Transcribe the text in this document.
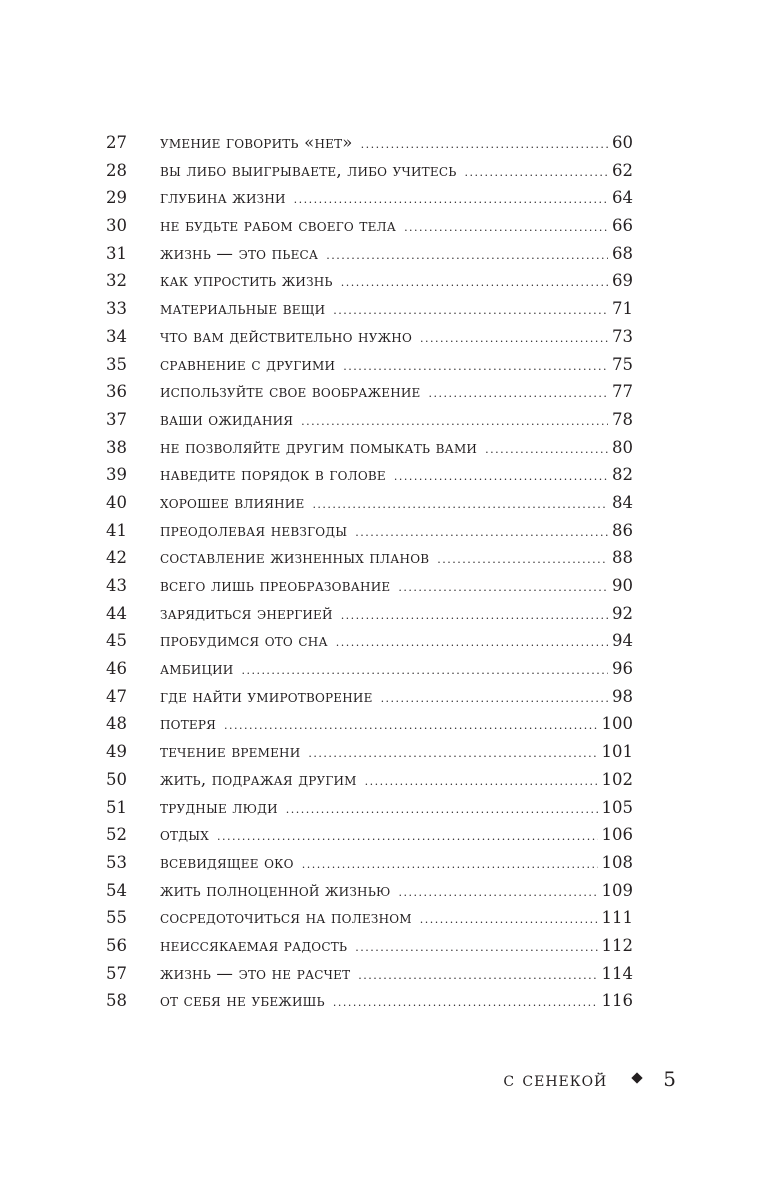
27	умение говорить «нет» .....	60
28	вы либо выигрываете, либо учитесь .....	62
29	глубина жизни .....	64
30	не будьте рабом своего тела .....	66
31	жизнь — это пьеса .....	68
32	как упростить жизнь .....	69
33	материальные вещи .....	71
34	что вам действительно нужно .....	73
35	сравнение с другими .....	75
36	используйте свое воображение .....	77
37	ваши ожидания .....	78
38	не позволяйте другим помыкать вами .....	80
39	наведите порядок в голове .....	82
40	хорошее влияние .....	84
41	преодолевая невзгоды .....	86
42	составление жизненных планов .....	88
43	всего лишь преобразование .....	90
44	зарядиться энергией .....	92
45	пробудимся ото сна .....	94
46	амбиции .....	96
47	где найти умиротворение .....	98
48	потеря .....	100
49	течение времени .....	101
50	жить, подражая другим .....	102
51	трудные люди .....	105
52	отдых .....	106
53	всевидящее око .....	108
54	жить полноценной жизнью .....	109
55	сосредоточиться на полезном .....	111
56	неиссякаемая радость .....	112
57	жизнь — это не расчет .....	114
58	от себя не убежишь .....	116
с сенекой	5
